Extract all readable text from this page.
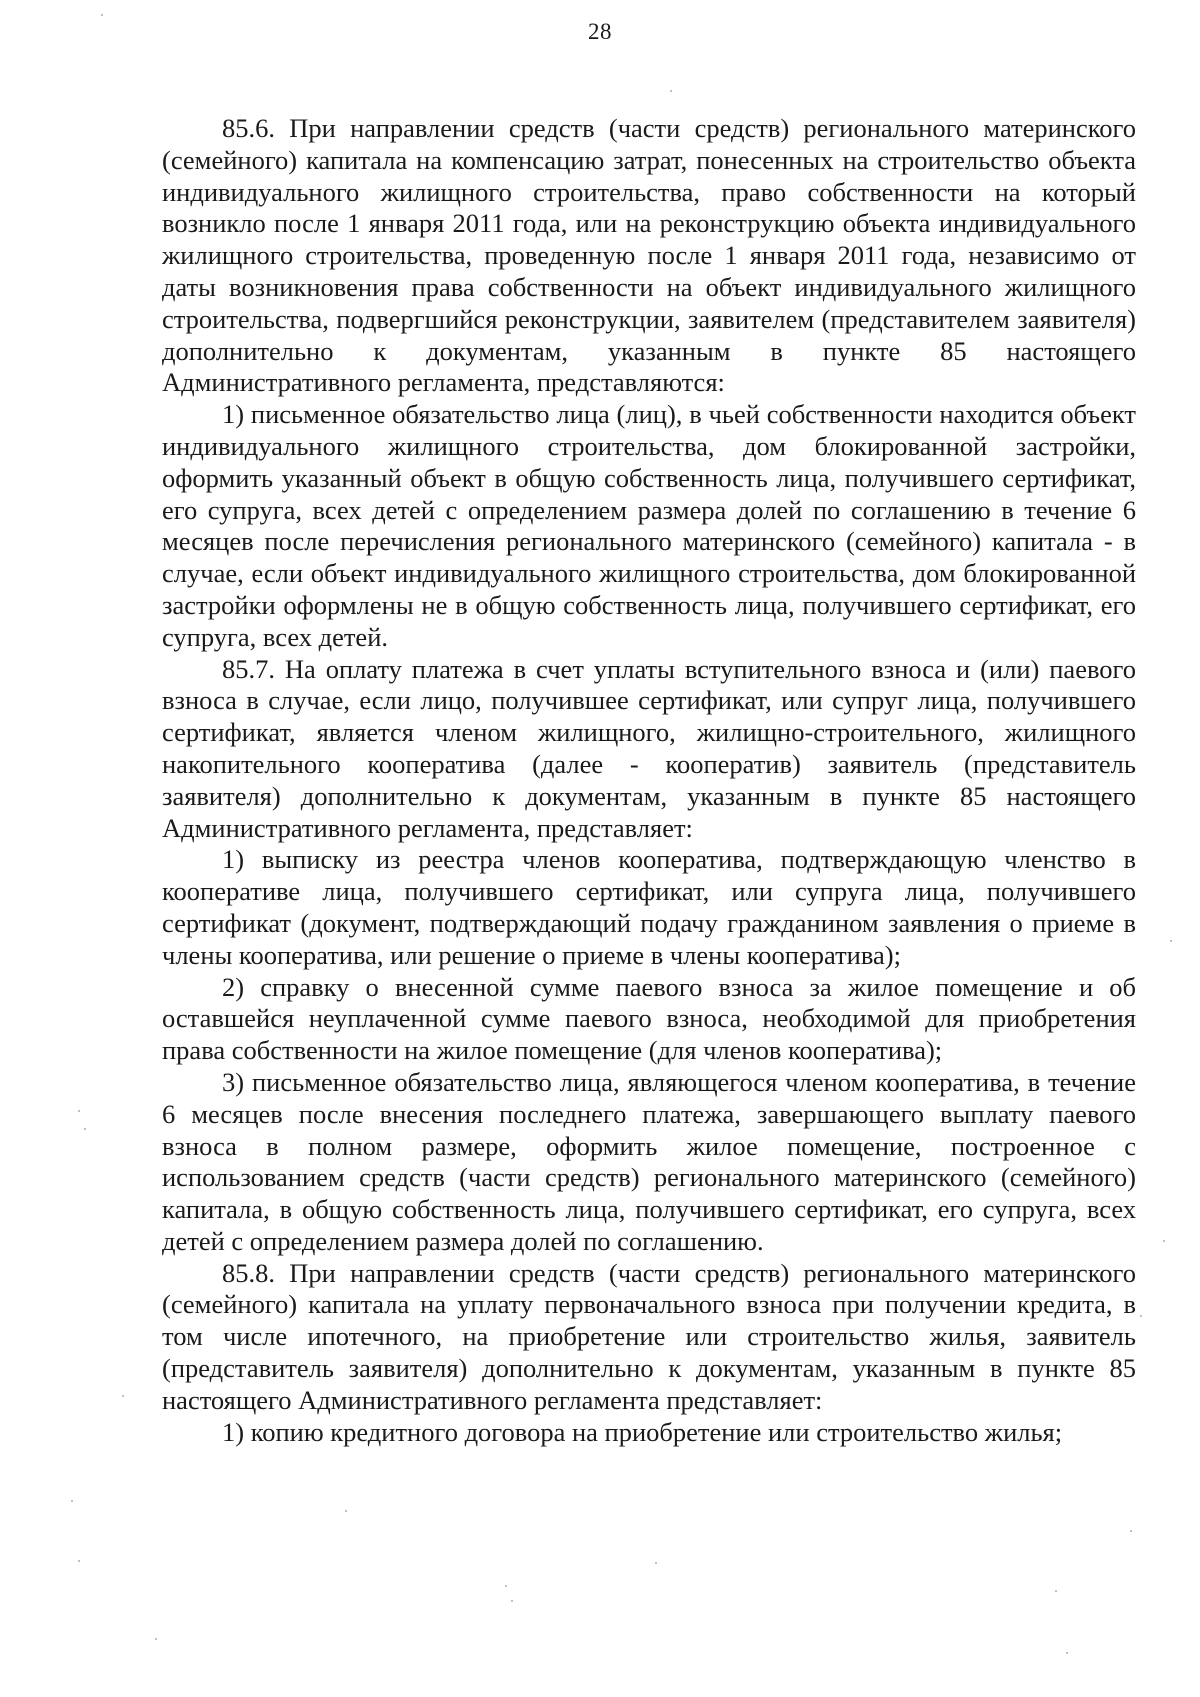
28

85.6. При направлении средств (части средств) регионального материнского (семейного) капитала на компенсацию затрат, понесенных на строительство объекта индивидуального жилищного строительства, право собственности на который возникло после 1 января 2011 года, или на реконструкцию объекта индивидуального жилищного строительства, проведенную после 1 января 2011 года, независимо от даты возникновения права собственности на объект индивидуального жилищного строительства, подвергшийся реконструкции, заявителем (представителем заявителя) дополнительно к документам, указанным в пункте 85 настоящего Административного регламента, представляются:

1) письменное обязательство лица (лиц), в чьей собственности находится объект индивидуального жилищного строительства, дом блокированной застройки, оформить указанный объект в общую собственность лица, получившего сертификат, его супруга, всех детей с определением размера долей по соглашению в течение 6 месяцев после перечисления регионального материнского (семейного) капитала - в случае, если объект индивидуального жилищного строительства, дом блокированной застройки оформлены не в общую собственность лица, получившего сертификат, его супруга, всех детей.

85.7. На оплату платежа в счет уплаты вступительного взноса и (или) паевого взноса в случае, если лицо, получившее сертификат, или супруг лица, получившего сертификат, является членом жилищного, жилищно-строительного, жилищного накопительного кооператива (далее - кооператив) заявитель (представитель заявителя) дополнительно к документам, указанным в пункте 85 настоящего Административного регламента, представляет:

1) выписку из реестра членов кооператива, подтверждающую членство в кооперативе лица, получившего сертификат, или супруга лица, получившего сертификат (документ, подтверждающий подачу гражданином заявления о приеме в члены кооператива, или решение о приеме в члены кооператива);

2) справку о внесенной сумме паевого взноса за жилое помещение и об оставшейся неуплаченной сумме паевого взноса, необходимой для приобретения права собственности на жилое помещение (для членов кооператива);

3) письменное обязательство лица, являющегося членом кооператива, в течение 6 месяцев после внесения последнего платежа, завершающего выплату паевого взноса в полном размере, оформить жилое помещение, построенное с использованием средств (части средств) регионального материнского (семейного) капитала, в общую собственность лица, получившего сертификат, его супруга, всех детей с определением размера долей по соглашению.

85.8. При направлении средств (части средств) регионального материнского (семейного) капитала на уплату первоначального взноса при получении кредита, в том числе ипотечного, на приобретение или строительство жилья, заявитель (представитель заявителя) дополнительно к документам, указанным в пункте 85 настоящего Административного регламента представляет:

1) копию кредитного договора на приобретение или строительство жилья;
